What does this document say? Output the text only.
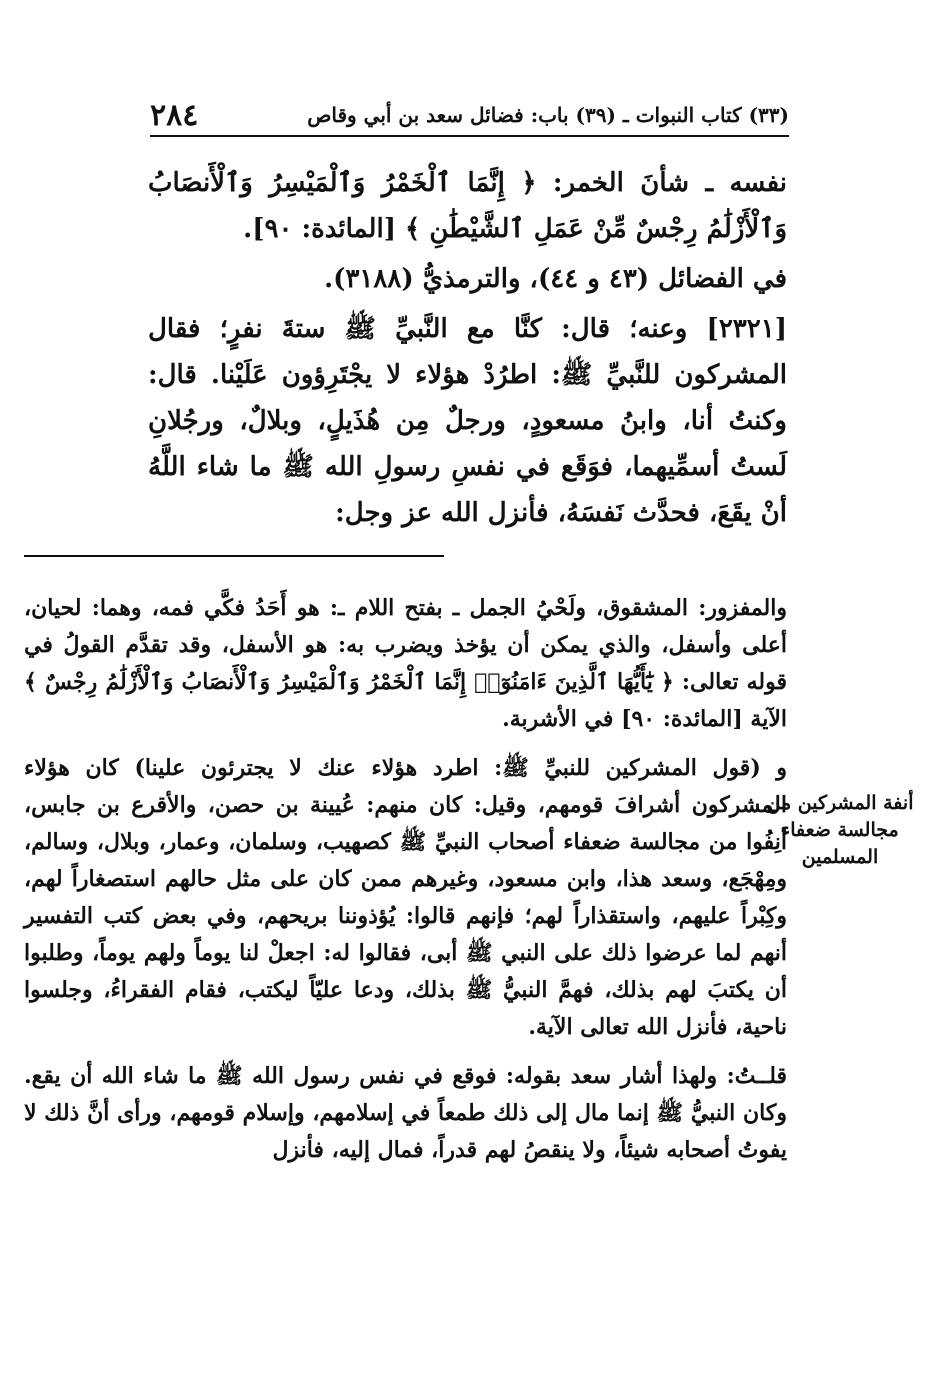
٢٨٤	(٣٣) كتاب النبوات ـ (٣٩) باب: فضائل سعد بن أبي وقاص

نفسه ـ شأنَ الخمر: ﴿ إِنَّمَا ٱلْخَمْرُ وَٱلْمَيْسِرُ وَٱلْأَنصَابُ وَٱلْأَزْلَٰمُ رِجْسٌ مِّنْ عَمَلِ ٱلشَّيْطَٰنِ ﴾ [المائدة: ٩٠].

في الفضائل (٤٣ و ٤٤)، والترمذيُّ (٣١٨٨).

[٢٣٢١] وعنه؛ قال: كنَّا مع النَّبيِّ ﷺ ستةَ نفرٍ؛ فقال المشركون للنَّبيِّ ﷺ: اطرُدْ هؤلاء لا يجْتَرِؤون عَلَيْنا. قال: وكنتُ أنا، وابنُ مسعودٍ، ورجلٌ مِن هُذَيلٍ، وبلالٌ، ورجُلانِ لَستُ أسمِّيهما، فوَقَع في نفسِ رسولِ الله ﷺ ما شاء اللَّهُ أنْ يقَعَ، فحدَّث نَفسَهُ، فأنزل الله عز وجل:

والمفزور: المشقوق، ولَحْيُ الجمل ـ بفتح اللام ـ: هو أَحَدُ فكَّي فمه، وهما: لحيان، أعلى وأسفل، والذي يمكن أن يؤخذ ويضرب به: هو الأسفل، وقد تقدَّم القولُ في قوله تعالى: ﴿ يَٰٓأَيُّهَا ٱلَّذِينَ ءَامَنُوٓا۟ إِنَّمَا ٱلْخَمْرُ وَٱلْمَيْسِرُ وَٱلْأَنصَابُ وَٱلْأَزْلَٰمُ رِجْسٌ ﴾ الآية [المائدة: ٩٠] في الأشربة.

و (قول المشركين للنبيِّ ﷺ: اطرد هؤلاء عنك لا يجترئون علينا) كان هؤلاء المشركون أشرافَ قومهم، وقيل: كان منهم: عُيينة بن حصن، والأقرع بن جابس، أنِفُوا من مجالسة ضعفاء أصحاب النبيِّ ﷺ كصهيب، وسلمان، وعمار، وبلال، وسالم، ومِهْجَع، وسعد هذا، وابن مسعود، وغيرهم ممن كان على مثل حالهم استصغاراً لهم، وكِبْراً عليهم، واستقذاراً لهم؛ فإنهم قالوا: يُؤذوننا بريحهم، وفي بعض كتب التفسير أنهم لما عرضوا ذلك على النبي ﷺ أبى، فقالوا له: اجعلْ لنا يوماً ولهم يوماً، وطلبوا أن يكتبَ لهم بذلك، فهمَّ النبيُّ ﷺ بذلك، ودعا عليّاً ليكتب، فقام الفقراءُ، وجلسوا ناحية، فأنزل الله تعالى الآية.

قلــتُ: ولهذا أشار سعد بقوله: فوقع في نفس رسول الله ﷺ ما شاء الله أن يقع. وكان النبيُّ ﷺ إنما مال إلى ذلك طمعاً في إسلامهم، وإسلام قومهم، ورأى أنَّ ذلك لا يفوتُ أصحابه شيئاً، ولا ينقصُ لهم قدراً، فمال إليه، فأنزل

أنفة المشركين من مجالسة ضعفاء المسلمين
